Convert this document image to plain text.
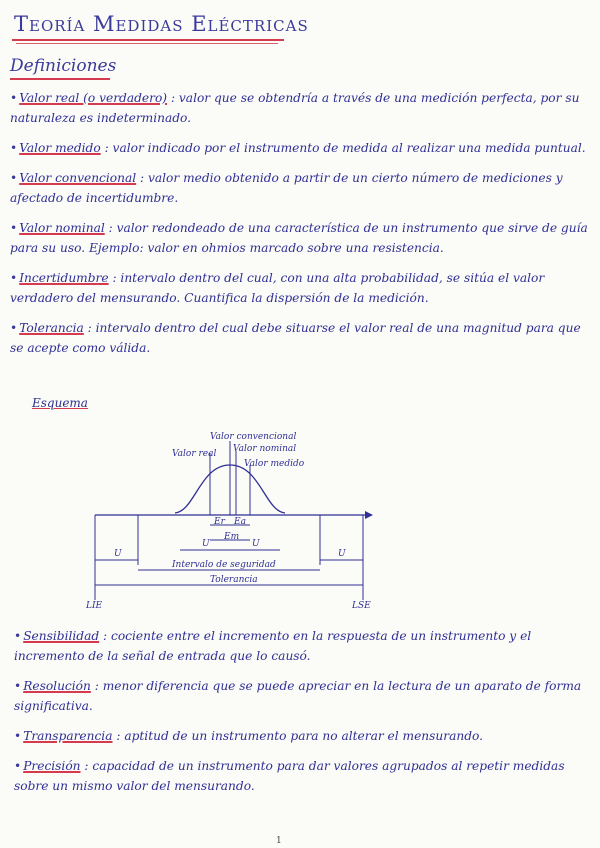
Teoría Medidas Eléctricas
Definiciones
• Valor real (o verdadero) : valor que se obtendría a través de una medición perfecta, por su naturaleza es indeterminado.
• Valor medido : valor indicado por el instrumento de medida al realizar una medida puntual.
• Valor convencional : valor medio obtenido a partir de un cierto número de mediciones y afectado de incertidumbre.
• Valor nominal : valor redondeado de una característica de un instrumento que sirve de guía para su uso. Ejemplo: valor en ohmios marcado sobre una resistencia.
• Incertidumbre : intervalo dentro del cual, con una alta probabilidad, se sitúa el valor verdadero del mensurando. Cuantifica la dispersión de la medición.
• Tolerancia : intervalo dentro del cual debe situarse el valor real de una magnitud para que se acepte como válida.
Esquema
Valor convencional
Valor nominal
Valor real
Valor medido
Er Ea
Em
U
U	U
U
Intervalo de seguridad
Tolerancia
LIE	LSE
• Sensibilidad : cociente entre el incremento en la respuesta de un instrumento y el incremento de la señal de entrada que lo causó.
• Resolución : menor diferencia que se puede apreciar en la lectura de un aparato de forma significativa.
• Transparencia : aptitud de un instrumento para no alterar el mensurando.
• Precisión : capacidad de un instrumento para dar valores agrupados al repetir medidas sobre un mismo valor del mensurando.
1
